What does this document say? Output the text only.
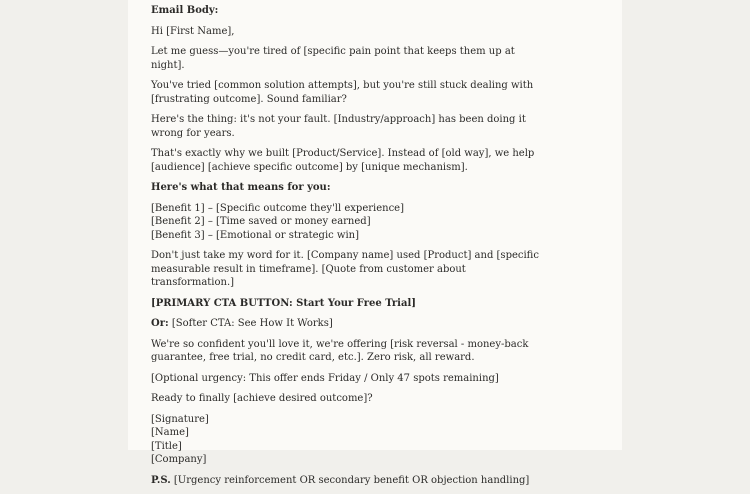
Email Body:

Hi [First Name],

Let me guess—you're tired of [specific pain point that keeps them up at night].

You've tried [common solution attempts], but you're still stuck dealing with [frustrating outcome]. Sound familiar?

Here's the thing: it's not your fault. [Industry/approach] has been doing it wrong for years.

That's exactly why we built [Product/Service]. Instead of [old way], we help [audience] [achieve specific outcome] by [unique mechanism].

Here's what that means for you:

[Benefit 1] – [Specific outcome they'll experience]
[Benefit 2] – [Time saved or money earned]
[Benefit 3] – [Emotional or strategic win]

Don't just take my word for it. [Company name] used [Product] and [specific measurable result in timeframe]. [Quote from customer about transformation.]

[PRIMARY CTA BUTTON: Start Your Free Trial]

Or: [Softer CTA: See How It Works]

We're so confident you'll love it, we're offering [risk reversal - money-back guarantee, free trial, no credit card, etc.]. Zero risk, all reward.

[Optional urgency: This offer ends Friday / Only 47 spots remaining]

Ready to finally [achieve desired outcome]?

[Signature]
[Name]
[Title]
[Company]

P.S. [Urgency reinforcement OR secondary benefit OR objection handling]
